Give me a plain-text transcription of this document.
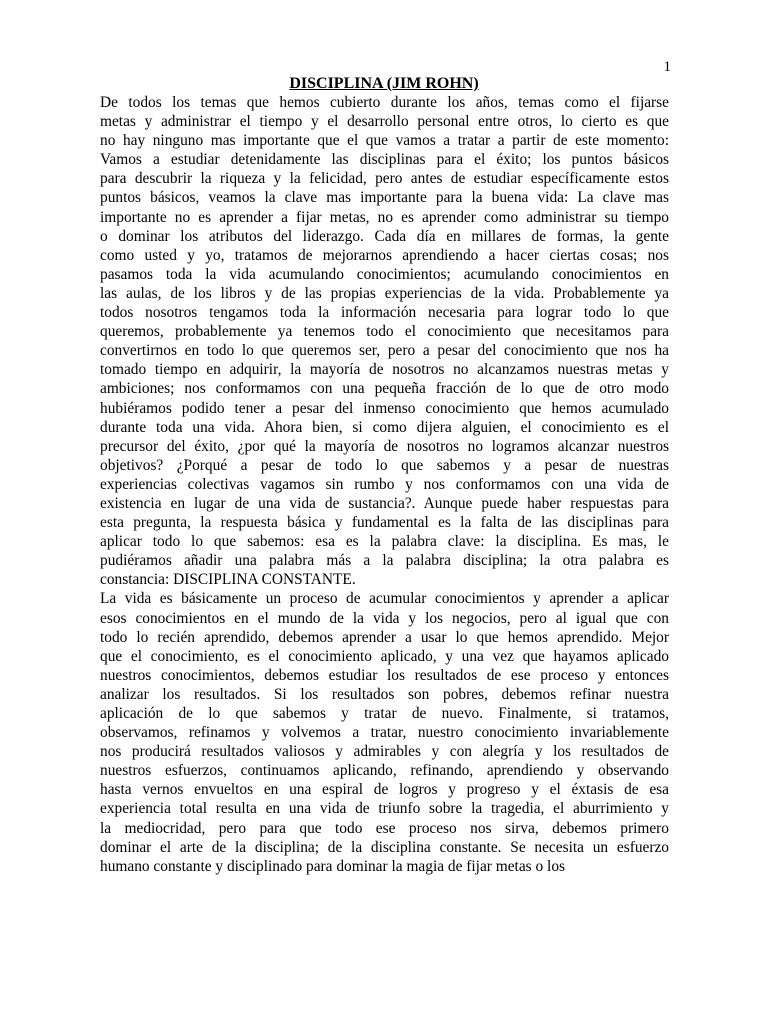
1
DISCIPLINA (JIM ROHN)
De todos los temas que hemos cubierto durante los años, temas como el fijarse
metas y administrar el tiempo y el desarrollo personal entre otros, lo cierto es que
no hay ninguno mas importante que el que vamos a tratar a partir de este momento:
Vamos a estudiar detenidamente las disciplinas para el éxito; los puntos básicos
para descubrir la riqueza y la felicidad, pero antes de estudiar específicamente estos
puntos básicos, veamos la clave mas importante para la buena vida: La clave mas
importante no es aprender a fijar metas, no es aprender como administrar su tiempo
o dominar los atributos del liderazgo. Cada día en millares de formas, la gente
como usted y yo, tratamos de mejorarnos aprendiendo a hacer ciertas cosas; nos
pasamos toda la vida acumulando conocimientos; acumulando conocimientos en
las aulas, de los libros y de las propias experiencias de la vida. Probablemente ya
todos nosotros tengamos toda la información necesaria para lograr todo lo que
queremos, probablemente ya tenemos todo el conocimiento que necesitamos para
convertirnos en todo lo que queremos ser, pero a pesar del conocimiento que nos ha
tomado tiempo en adquirir, la mayoría de nosotros no alcanzamos nuestras metas y
ambiciones; nos conformamos con una pequeña fracción de lo que de otro modo
hubiéramos podido tener a pesar del inmenso conocimiento que hemos acumulado
durante toda una vida. Ahora bien, si como dijera alguien, el conocimiento es el
precursor del éxito, ¿por qué la mayoría de nosotros no logramos alcanzar nuestros
objetivos? ¿Porqué a pesar de todo lo que sabemos y a pesar de nuestras
experiencias colectivas vagamos sin rumbo y nos conformamos con una vida de
existencia en lugar de una vida de sustancia?. Aunque puede haber respuestas para
esta pregunta, la respuesta básica y fundamental es la falta de las disciplinas para
aplicar todo lo que sabemos: esa es la palabra clave: la disciplina. Es mas, le
pudiéramos añadir una palabra más a la palabra disciplina; la otra palabra es
constancia: DISCIPLINA CONSTANTE.
La vida es básicamente un proceso de acumular conocimientos y aprender a aplicar
esos conocimientos en el mundo de la vida y los negocios, pero al igual que con
todo lo recién aprendido, debemos aprender a usar lo que hemos aprendido. Mejor
que el conocimiento, es el conocimiento aplicado, y una vez que hayamos aplicado
nuestros conocimientos, debemos estudiar los resultados de ese proceso y entonces
analizar los resultados. Si los resultados son pobres, debemos refinar nuestra
aplicación de lo que sabemos y tratar de nuevo. Finalmente, si tratamos,
observamos, refinamos y volvemos a tratar, nuestro conocimiento invariablemente
nos producirá resultados valiosos y admirables y con alegría y los resultados de
nuestros esfuerzos, continuamos aplicando, refinando, aprendiendo y observando
hasta vernos envueltos en una espiral de logros y progreso y el éxtasis de esa
experiencia total resulta en una vida de triunfo sobre la tragedia, el aburrimiento y
la mediocridad, pero para que todo ese proceso nos sirva, debemos primero
dominar el arte de la disciplina; de la disciplina constante. Se necesita un esfuerzo
humano constante y disciplinado para dominar la magia de fijar metas o los
